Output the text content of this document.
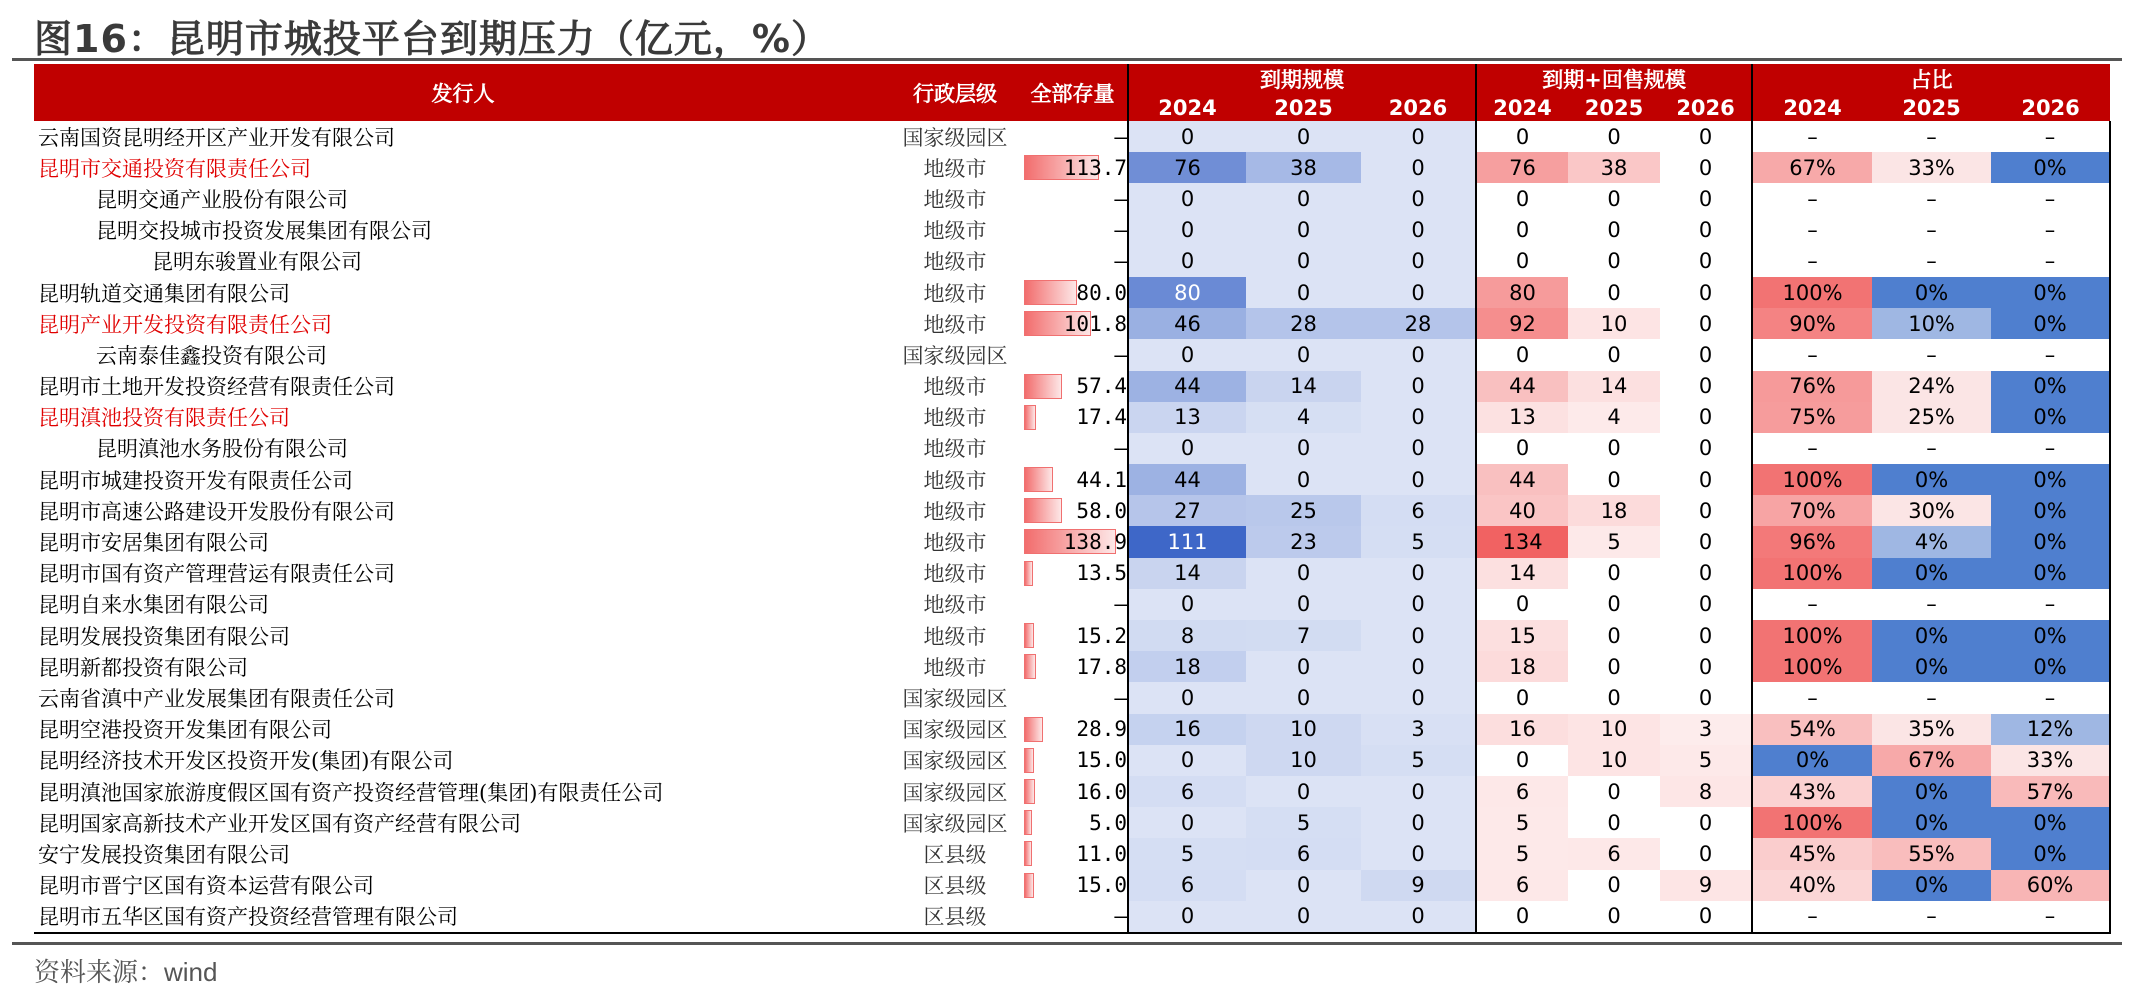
图16：昆明市城投平台到期压力（亿元，%）
发行人	行政层级	全部存量	到期规模			到期+回售规模			占比		
			2024	2025	2026	2024	2025	2026	2024	2025	2026
云南国资昆明经开区产业开发有限公司	国家级园区	–	0	0	0	0	0	0	–	–	–
昆明市交通投资有限责任公司	地级市	113.7	76	38	0	76	38	0	67%	33%	0%
昆明交通产业股份有限公司	地级市	–	0	0	0	0	0	0	–	–	–
昆明交投城市投资发展集团有限公司	地级市	–	0	0	0	0	0	0	–	–	–
昆明东骏置业有限公司	地级市	–	0	0	0	0	0	0	–	–	–
昆明轨道交通集团有限公司	地级市	80.0	80	0	0	80	0	0	100%	0%	0%
昆明产业开发投资有限责任公司	地级市	101.8	46	28	28	92	10	0	90%	10%	0%
云南泰佳鑫投资有限公司	国家级园区	–	0	0	0	0	0	0	–	–	–
昆明市土地开发投资经营有限责任公司	地级市	57.4	44	14	0	44	14	0	76%	24%	0%
昆明滇池投资有限责任公司	地级市	17.4	13	4	0	13	4	0	75%	25%	0%
昆明滇池水务股份有限公司	地级市	–	0	0	0	0	0	0	–	–	–
昆明市城建投资开发有限责任公司	地级市	44.1	44	0	0	44	0	0	100%	0%	0%
昆明市高速公路建设开发股份有限公司	地级市	58.0	27	25	6	40	18	0	70%	30%	0%
昆明市安居集团有限公司	地级市	138.9	111	23	5	134	5	0	96%	4%	0%
昆明市国有资产管理营运有限责任公司	地级市	13.5	14	0	0	14	0	0	100%	0%	0%
昆明自来水集团有限公司	地级市	–	0	0	0	0	0	0	–	–	–
昆明发展投资集团有限公司	地级市	15.2	8	7	0	15	0	0	100%	0%	0%
昆明新都投资有限公司	地级市	17.8	18	0	0	18	0	0	100%	0%	0%
云南省滇中产业发展集团有限责任公司	国家级园区	–	0	0	0	0	0	0	–	–	–
昆明空港投资开发集团有限公司	国家级园区	28.9	16	10	3	16	10	3	54%	35%	12%
昆明经济技术开发区投资开发(集团)有限公司	国家级园区	15.0	0	10	5	0	10	5	0%	67%	33%
昆明滇池国家旅游度假区国有资产投资经营管理(集团)有限责任公司	国家级园区	16.0	6	0	0	6	0	8	43%	0%	57%
昆明国家高新技术产业开发区国有资产经营有限公司	国家级园区	5.0	0	5	0	5	0	0	100%	0%	0%
安宁发展投资集团有限公司	区县级	11.0	5	6	0	5	6	0	45%	55%	0%
昆明市晋宁区国有资本运营有限公司	区县级	15.0	6	0	9	6	0	9	40%	0%	60%
昆明市五华区国有资产投资经营管理有限公司	区县级	–	0	0	0	0	0	0	–	–	–
资料来源：wind
